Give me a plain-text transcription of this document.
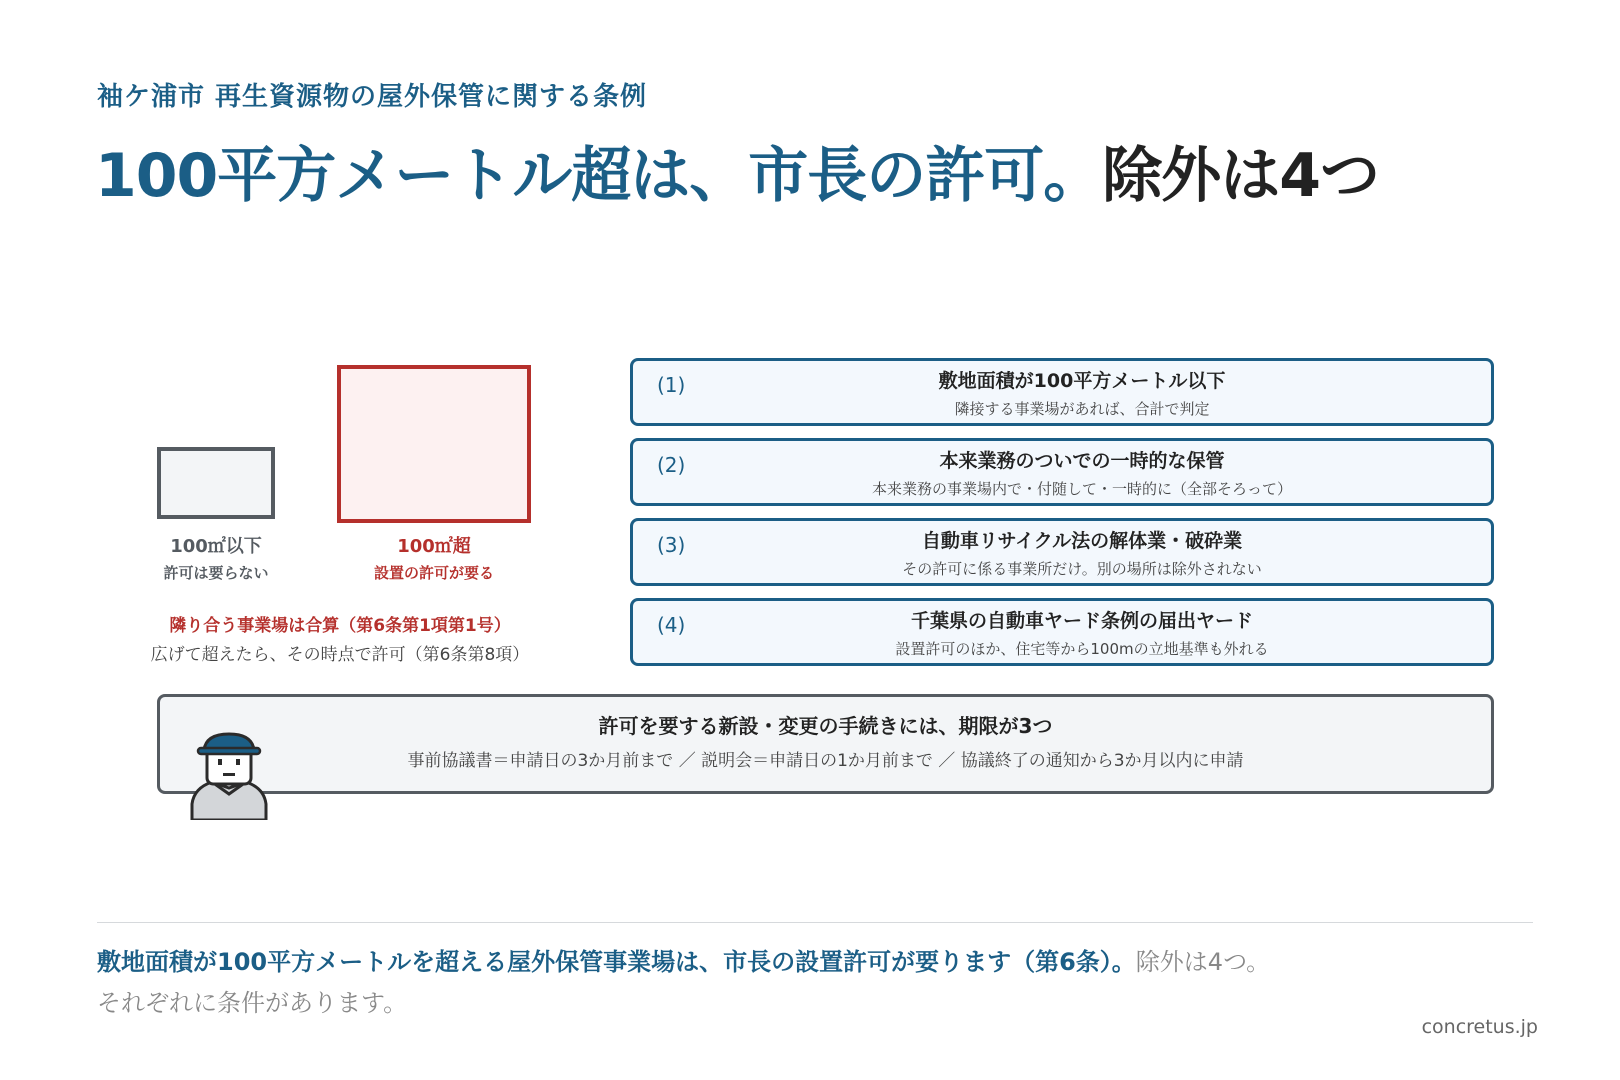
袖ケ浦市 再生資源物の屋外保管に関する条例
100平方メートル超は、市長の許可。除外は4つ
100㎡以下
許可は要らない
100㎡超
設置の許可が要る
隣り合う事業場は合算（第6条第1項第1号）
広げて超えたら、その時点で許可（第6条第8項）
(1)	敷地面積が100平方メートル以下
隣接する事業場があれば、合計で判定
(2)	本来業務のついでの一時的な保管
本来業務の事業場内で・付随して・一時的に（全部そろって）
(3)	自動車リサイクル法の解体業・破砕業
その許可に係る事業所だけ。別の場所は除外されない
(4)	千葉県の自動車ヤード条例の届出ヤード
設置許可のほか、住宅等から100mの立地基準も外れる
許可を要する新設・変更の手続きには、期限が3つ
事前協議書＝申請日の3か月前まで ／ 説明会＝申請日の1か月前まで ／ 協議終了の通知から3か月以内に申請
敷地面積が100平方メートルを超える屋外保管事業場は、市長の設置許可が要ります（第6条）。除外は4つ。それぞれに条件があります。
concretus.jp
